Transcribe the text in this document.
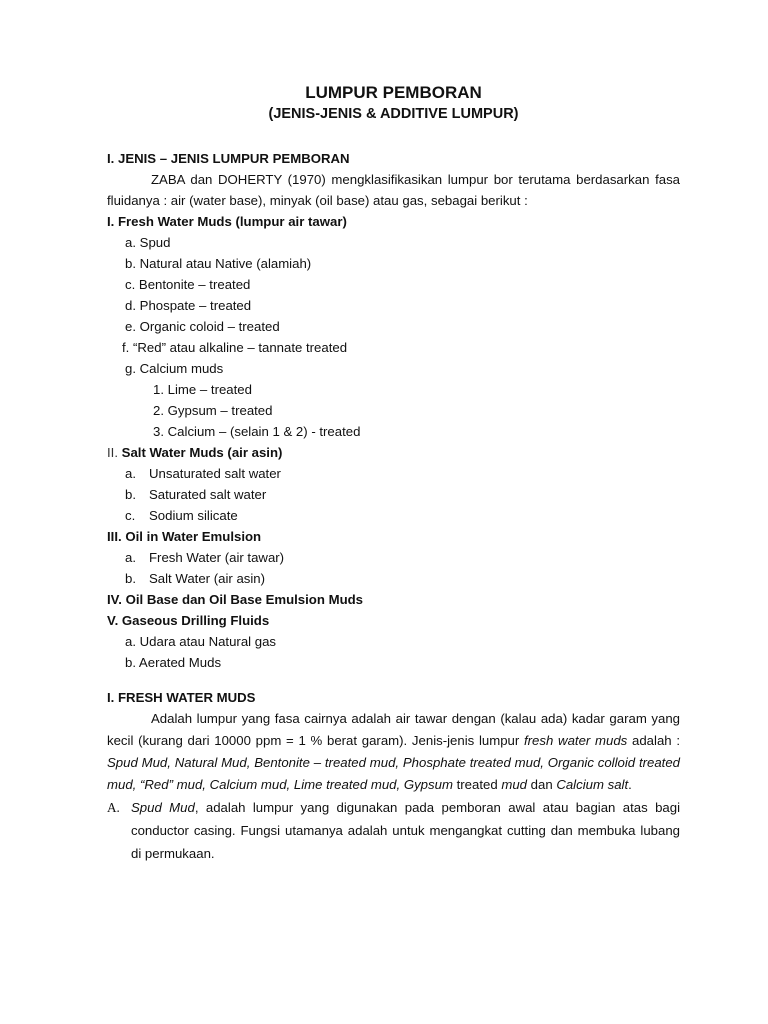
LUMPUR PEMBORAN
(JENIS-JENIS & ADDITIVE LUMPUR)
I. JENIS – JENIS LUMPUR PEMBORAN

ZABA dan DOHERTY (1970) mengklasifikasikan lumpur bor terutama berdasarkan fasa fluidanya : air (water base), minyak (oil base) atau gas, sebagai berikut :

I. Fresh Water Muds (lumpur air tawar)
a. Spud
b. Natural atau Native (alamiah)
c. Bentonite – treated
d. Phospate – treated
e. Organic coloid – treated
f. “Red” atau alkaline – tannate treated
g. Calcium muds
1. Lime – treated
2. Gypsum – treated
3. Calcium – (selain 1 & 2) - treated
II. Salt Water Muds (air asin)
a. Unsaturated salt water
b. Saturated salt water
c.	Sodium silicate
III. Oil in Water Emulsion
a. Fresh Water (air tawar)
b. Salt Water (air asin)
IV. Oil Base dan Oil Base Emulsion Muds
V. Gaseous Drilling Fluids
a. Udara atau Natural gas
b. Aerated Muds
I. FRESH WATER MUDS

Adalah lumpur yang fasa cairnya adalah air tawar dengan (kalau ada) kadar garam yang kecil (kurang dari 10000 ppm = 1 % berat garam). Jenis-jenis lumpur fresh water muds adalah : Spud Mud, Natural Mud, Bentonite – treated mud, Phosphate treated mud, Organic colloid treated mud, “Red” mud, Calcium mud, Lime treated mud, Gypsum treated mud dan Calcium salt.

A. Spud Mud, adalah lumpur yang digunakan pada pemboran awal atau bagian atas bagi conductor casing. Fungsi utamanya adalah untuk mengangkat cutting dan membuka lubang di permukaan.
